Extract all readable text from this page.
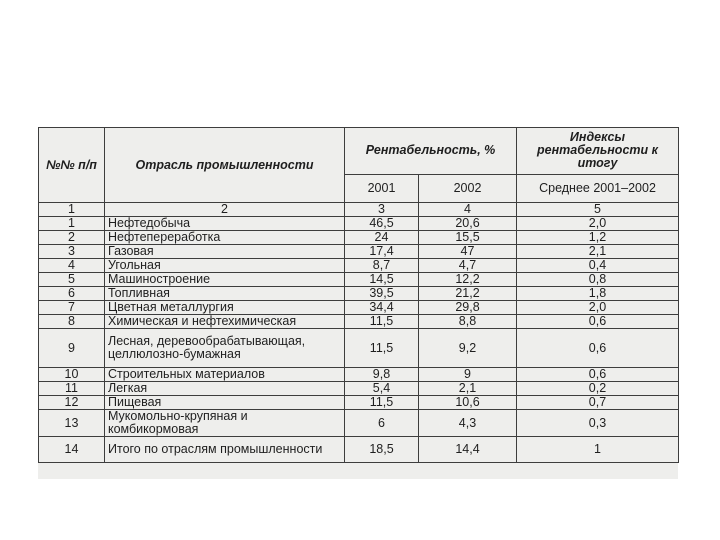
№№ п/п	Отрасль промышленности	Рентабельность, %		Индексы рентабельности к итогу
		2001	2002	Среднее 2001–2002
1	2	3	4	5
1	Нефтедобыча	46,5	20,6	2,0
2	Нефтепереработка	24	15,5	1,2
3	Газовая	17,4	47	2,1
4	Угольная	8,7	4,7	0,4
5	Машиностроение	14,5	12,2	0,8
6	Топливная	39,5	21,2	1,8
7	Цветная металлургия	34,4	29,8	2,0
8	Химическая и нефтехимическая	11,5	8,8	0,6
9	Лесная, деревообрабатывающая, целлюлозно-бумажная	11,5	9,2	0,6
10	Строительных материалов	9,8	9	0,6
11	Легкая	5,4	2,1	0,2
12	Пищевая	11,5	10,6	0,7
13	Мукомольно-крупяная и комбикормовая	6	4,3	0,3
14	Итого по отраслям промышленности	18,5	14,4	1
